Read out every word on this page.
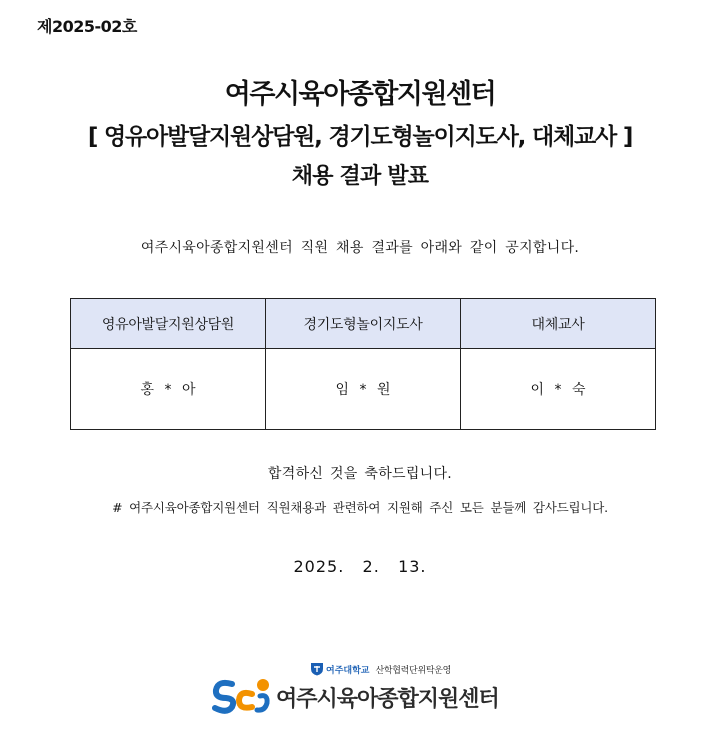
제2025-02호
여주시육아종합지원센터
[ 영유아발달지원상담원, 경기도형놀이지도사, 대체교사 ]
채용 결과 발표
여주시육아종합지원센터 직원 채용 결과를 아래와 같이 공지합니다.
영유아발달지원상담원	경기도형놀이지도사	대체교사
홍 * 아	임 * 원	이 * 숙
합격하신 것을 축하드립니다.
# 여주시육아종합지원센터 직원채용과 관련하여 지원해 주신 모든 분들께 감사드립니다.
2025.   2.   13.
여주대학교 산학협력단위탁운영
여주시육아종합지원센터
